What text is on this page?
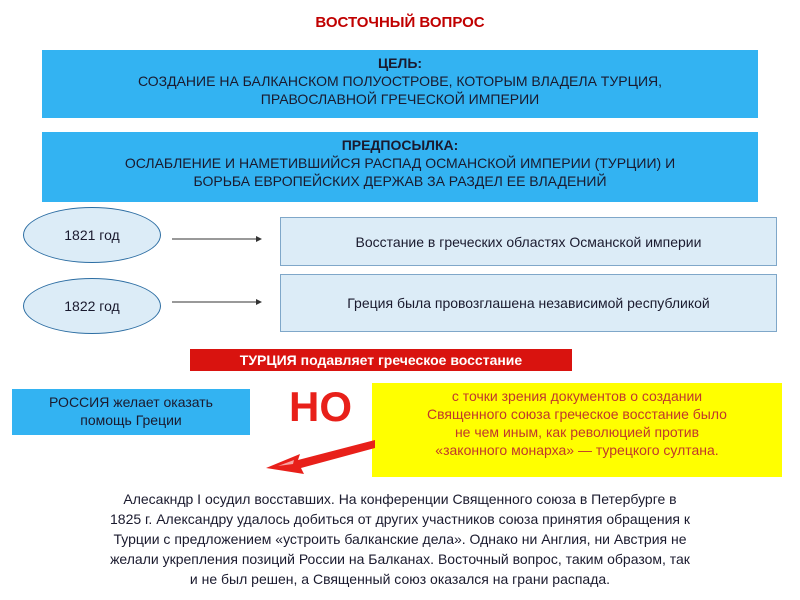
ВОСТОЧНЫЙ ВОПРОС
ЦЕЛЬ:
СОЗДАНИЕ НА БАЛКАНСКОМ ПОЛУОСТРОВЕ, КОТОРЫМ ВЛАДЕЛА ТУРЦИЯ,
ПРАВОСЛАВНОЙ ГРЕЧЕСКОЙ ИМПЕРИИ
ПРЕДПОСЫЛКА:
ОСЛАБЛЕНИЕ И НАМЕТИВШИЙСЯ РАСПАД ОСМАНСКОЙ ИМПЕРИИ (ТУРЦИИ) И
БОРЬБА ЕВРОПЕЙСКИХ ДЕРЖАВ ЗА РАЗДЕЛ ЕЕ ВЛАДЕНИЙ
1821 год	Восстание в греческих областях Османской империи
1822 год	Греция была провозглашена независимой республикой
ТУРЦИЯ подавляет греческое восстание
РОССИЯ желает оказать
помощь Греции	НО	с точки зрения документов о создании
Священного союза греческое восстание было
не чем иным, как революцией против
«законного монарха» — турецкого султана.
Алесакндр I осудил восставших. На конференции Священного союза в Петербурге в
1825 г. Александру удалось добиться от других участников союза принятия обращения к
Турции с предложением «устроить балканские дела». Однако ни Англия, ни Австрия не
желали укрепления позиций России на Балканах. Восточный вопрос, таким образом, так
и не был решен, а Священный союз оказался на грани распада.
